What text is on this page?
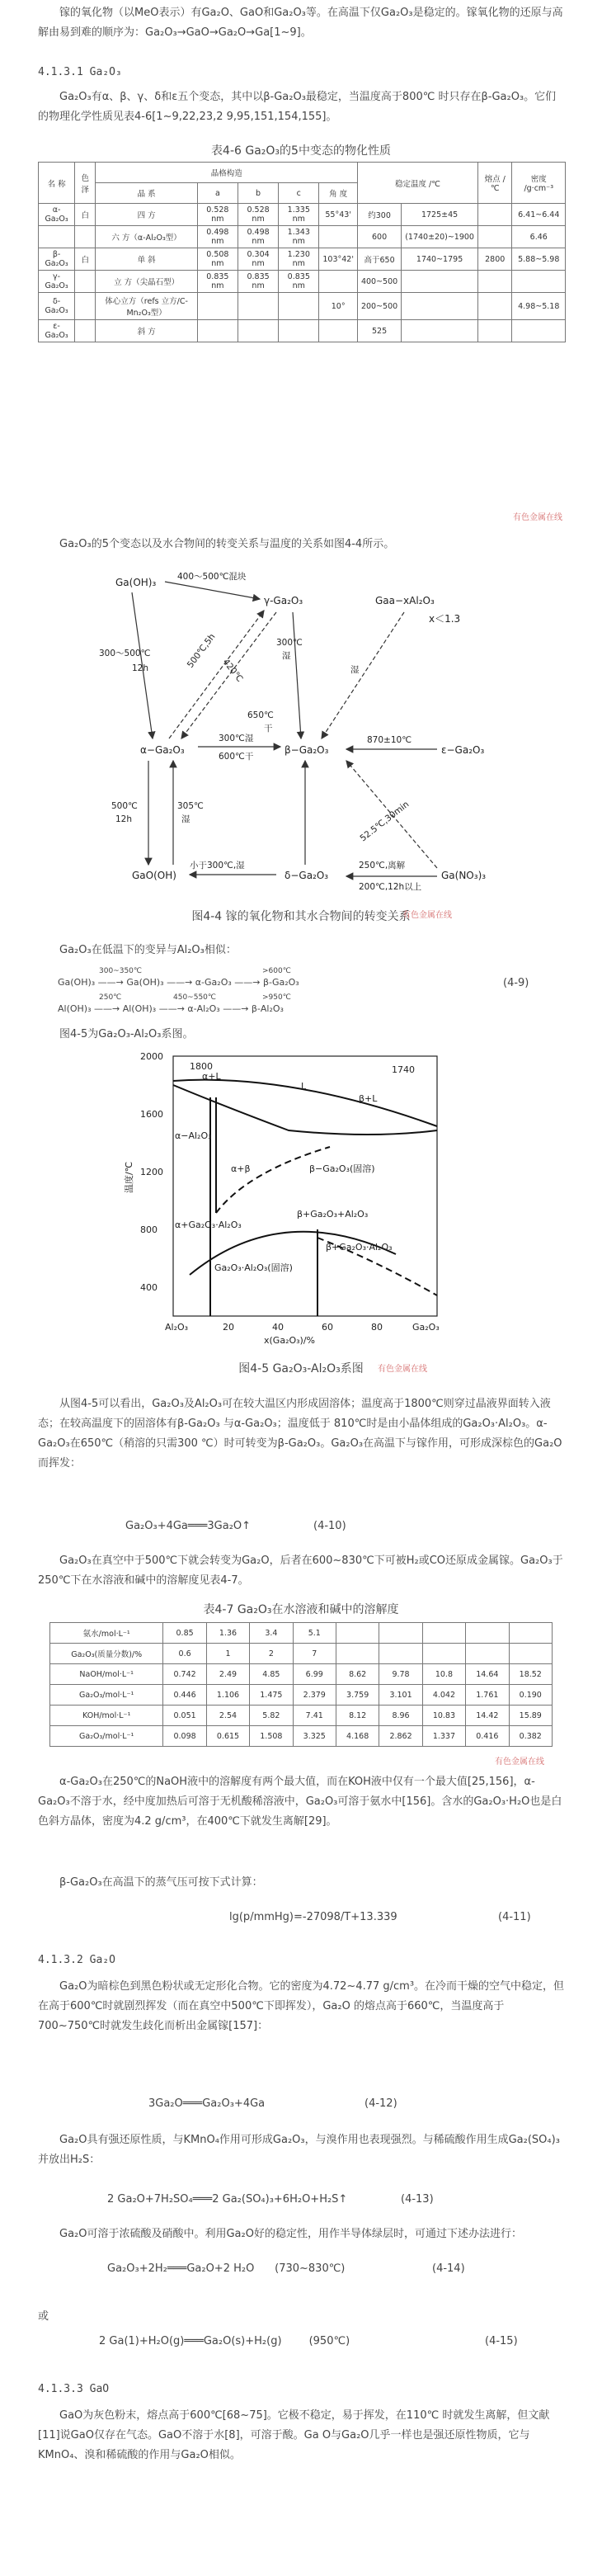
镓的氧化物（以MeO表示）有Ga₂O、GaO和Ga₂O₃等。在高温下仅Ga₂O₃是稳定的。镓氧化物的还原与高解由易到难的顺序为：Ga₂O₃→GaO→Ga₂O→Ga[1~9]。

4.1.3.1 Ga₂O₃

Ga₂O₃有α、β、γ、δ和ε五个变态，其中以β-Ga₂O₃最稳定，当温度高于800℃ 时只存在β-Ga₂O₃。它们的物理化学性质见表4-6[1~9,22,23,2 9,95,151,154,155]。

表4-6 Ga₂O₃的5中变态的物化性质
名 称	色泽	晶格构造					稳定温度 /℃		熔点 /℃	密度 /g·cm⁻³
		晶 系	a	b	c	角 度				
α-Ga₂O₃	白	四 方	0.528 nm	0.528 nm	1.335 nm	55°43'	约300	1725±45		6.41~6.44
		六 方（α-Al₂O₃型）	0.498 nm	0.498 nm	1.343 nm		600	(1740±20)~1900		6.46
β-Ga₂O₃	白	单 斜	0.508 nm	0.304 nm	1.230 nm	103°42'	高于650	1740~1795	2800	5.88~5.98
γ-Ga₂O₃		立 方（尖晶石型）	0.835 nm	0.835 nm	0.835 nm		400~500			
δ-Ga₂O₃		体心立方（refs 立方/C-Mn₂O₃型）				10°	200~500			4.98~5.18
ε-Ga₂O₃		斜 方					525			
有色金属在线

Ga₂O₃的5个变态以及水合物间的转变关系与温度的关系如图4-4所示。

Ga(OH)₃
γ-Ga₂O₃	Gaa−xAl₂O₃
x＜1.3
α−Ga₂O₃	β−Ga₂O₃	ε−Ga₂O₃
GaO(OH)	δ−Ga₂O₃	Ga(NO₃)₃
400～500℃混块
300～500℃
12h	500℃,5h
420℃
300℃
湿
湿
650℃
干
300℃湿
600℃干
870±10℃
500℃
12h
305℃
湿
小于300℃,湿
52.5℃,30min
250℃,离解
200℃,12h以上
图4-4 镓的氧化物和其水合物间的转变关系
有色金属在线

Ga₂O₃在低温下的变异与Al₂O₃相似：

300~350℃	>600℃
Ga(OH)₃ ——→ Ga(OH)₃ ——→ α-Ga₂O₃ ——→ β-Ga₂O₃	(4-9)
250℃	450~550℃	>950℃
Al(OH)₃ ——→ Al(OH)₃ ——→ α-Al₂O₃ ——→ β-Al₂O₃

图4-5为Ga₂O₃-Al₂O₃系图。

2000
1600
1200
800
400
温度/℃
Al₂O₃	20	40	60	80	Ga₂O₃
x(Ga₂O₃)/%
1800	1740
α+L
L
β+L
α−Al₂O₃
α+β	β−Ga₂O₃(固溶)
α+Ga₂O₃·Al₂O₃
β+Ga₂O₃+Al₂O₃
β+Ga₂O₃·Al₂O₃
Ga₂O₃·Al₂O₃(固溶)
图4-5 Ga₂O₃-Al₂O₃系图	有色金属在线

从图4-5可以看出，Ga₂O₃及Al₂O₃可在较大温区内形成固溶体；温度高于1800℃则穿过晶液界面转入液态；在较高温度下的固溶体有β-Ga₂O₃ 与α-Ga₂O₃；温度低于 810℃时是由小晶体组成的Ga₂O₃·Al₂O₃。α-Ga₂O₃在650℃（稍溶的只需300 ℃）时可转变为β-Ga₂O₃。Ga₂O₃在高温下与镓作用，可形成深棕色的Ga₂O而挥发：

Ga₂O₃+4Ga═══3Ga₂O↑	(4-10)

Ga₂O₃在真空中于500℃下就会转变为Ga₂O，后者在600~830℃下可被H₂或CO还原成金属镓。Ga₂O₃于250℃下在水溶液和碱中的溶解度见表4-7。

表4-7 Ga₂O₃在水溶液和碱中的溶解度
氨水/mol·L⁻¹	0.85	1.36	3.4	5.1					
Ga₂O₃(质量分数)/%	0.6	1	2	7					
NaOH/mol·L⁻¹	0.742	2.49	4.85	6.99	8.62	9.78	10.8	14.64	18.52
Ga₂O₃/mol·L⁻¹	0.446	1.106	1.475	2.379	3.759	3.101	4.042	1.761	0.190
KOH/mol·L⁻¹	0.051	2.54	5.82	7.41	8.12	8.96	10.83	14.42	15.89
Ga₂O₃/mol·L⁻¹	0.098	0.615	1.508	3.325	4.168	2.862	1.337	0.416	0.382
有色金属在线

α-Ga₂O₃在250℃的NaOH液中的溶解度有两个最大值，而在KOH液中仅有一个最大值[25,156]，α-Ga₂O₃不溶于水，经中度加热后可溶于无机酸稀溶液中，Ga₂O₃可溶于氨水中[156]。含水的Ga₂O₃·H₂O也是白色斜方晶体，密度为4.2 g/cm³，在400℃下就发生离解[29]。

β-Ga₂O₃在高温下的蒸气压可按下式计算：

lg(p/mmHg)=-27098/T+13.339	(4-11)
4.1.3.2 Ga₂O

Ga₂O为暗棕色到黑色粉状或无定形化合物。它的密度为4.72~4.77 g/cm³。在冷而干燥的空气中稳定，但在高于600℃时就剧烈挥发（而在真空中500℃下即挥发），Ga₂O 的熔点高于660℃，当温度高于700~750℃时就发生歧化而析出金属镓[157]：

3Ga₂O═══Ga₂O₃+4Ga	(4-12)

Ga₂O具有强还原性质，与KMnO₄作用可形成Ga₂O₃，与溴作用也表现强烈。与稀硫酸作用生成Ga₂(SO₄)₃并放出H₂S：

2 Ga₂O+7H₂SO₄═══2 Ga₂(SO₄)₃+6H₂O+H₂S↑	(4-13)

Ga₂O可溶于浓硫酸及硝酸中。利用Ga₂O好的稳定性，用作半导体绿层时，可通过下述办法进行：

Ga₂O₃+2H₂═══Ga₂O+2 H₂O      (730~830℃)	(4-14)
或
2 Ga(1)+H₂O(g)═══Ga₂O(s)+H₂(g)        (950℃)	(4-15)
4.1.3.3 GaO

GaO为灰色粉末，熔点高于600℃[68~75]。它极不稳定，易于挥发，在110℃ 时就发生离解，但文献[11]说GaO仅存在气态。GaO不溶于水[8]，可溶于酸。Ga O与Ga₂O几乎一样也是强还原性物质，它与KMnO₄、溴和稀硫酸的作用与Ga₂O相似。
